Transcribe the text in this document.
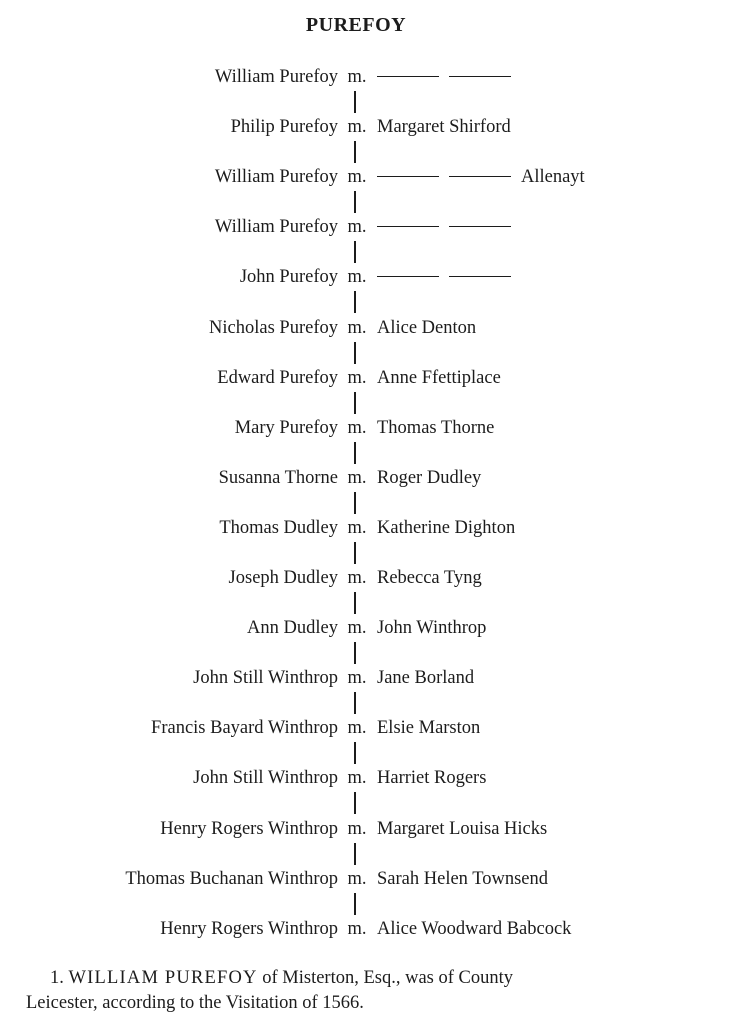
PUREFOY
William Purefoy m.
Philip Purefoy m. Margaret Shirford
William Purefoy m.	Allenayt
William Purefoy m.
John Purefoy m.
Nicholas Purefoy m. Alice Denton
Edward Purefoy m. Anne Ffettiplace
Mary Purefoy m. Thomas Thorne
Susanna Thorne m. Roger Dudley
Thomas Dudley m. Katherine Dighton
Joseph Dudley m. Rebecca Tyng
Ann Dudley m. John Winthrop
John Still Winthrop m. Jane Borland
Francis Bayard Winthrop m. Elsie Marston
John Still Winthrop m. Harriet Rogers
Henry Rogers Winthrop m. Margaret Louisa Hicks
Thomas Buchanan Winthrop m. Sarah Helen Townsend
Henry Rogers Winthrop m. Alice Woodward Babcock

1. WILLIAM PUREFOY of Misterton, Esq., was of County

Leicester, according to the Visitation of 1566.
